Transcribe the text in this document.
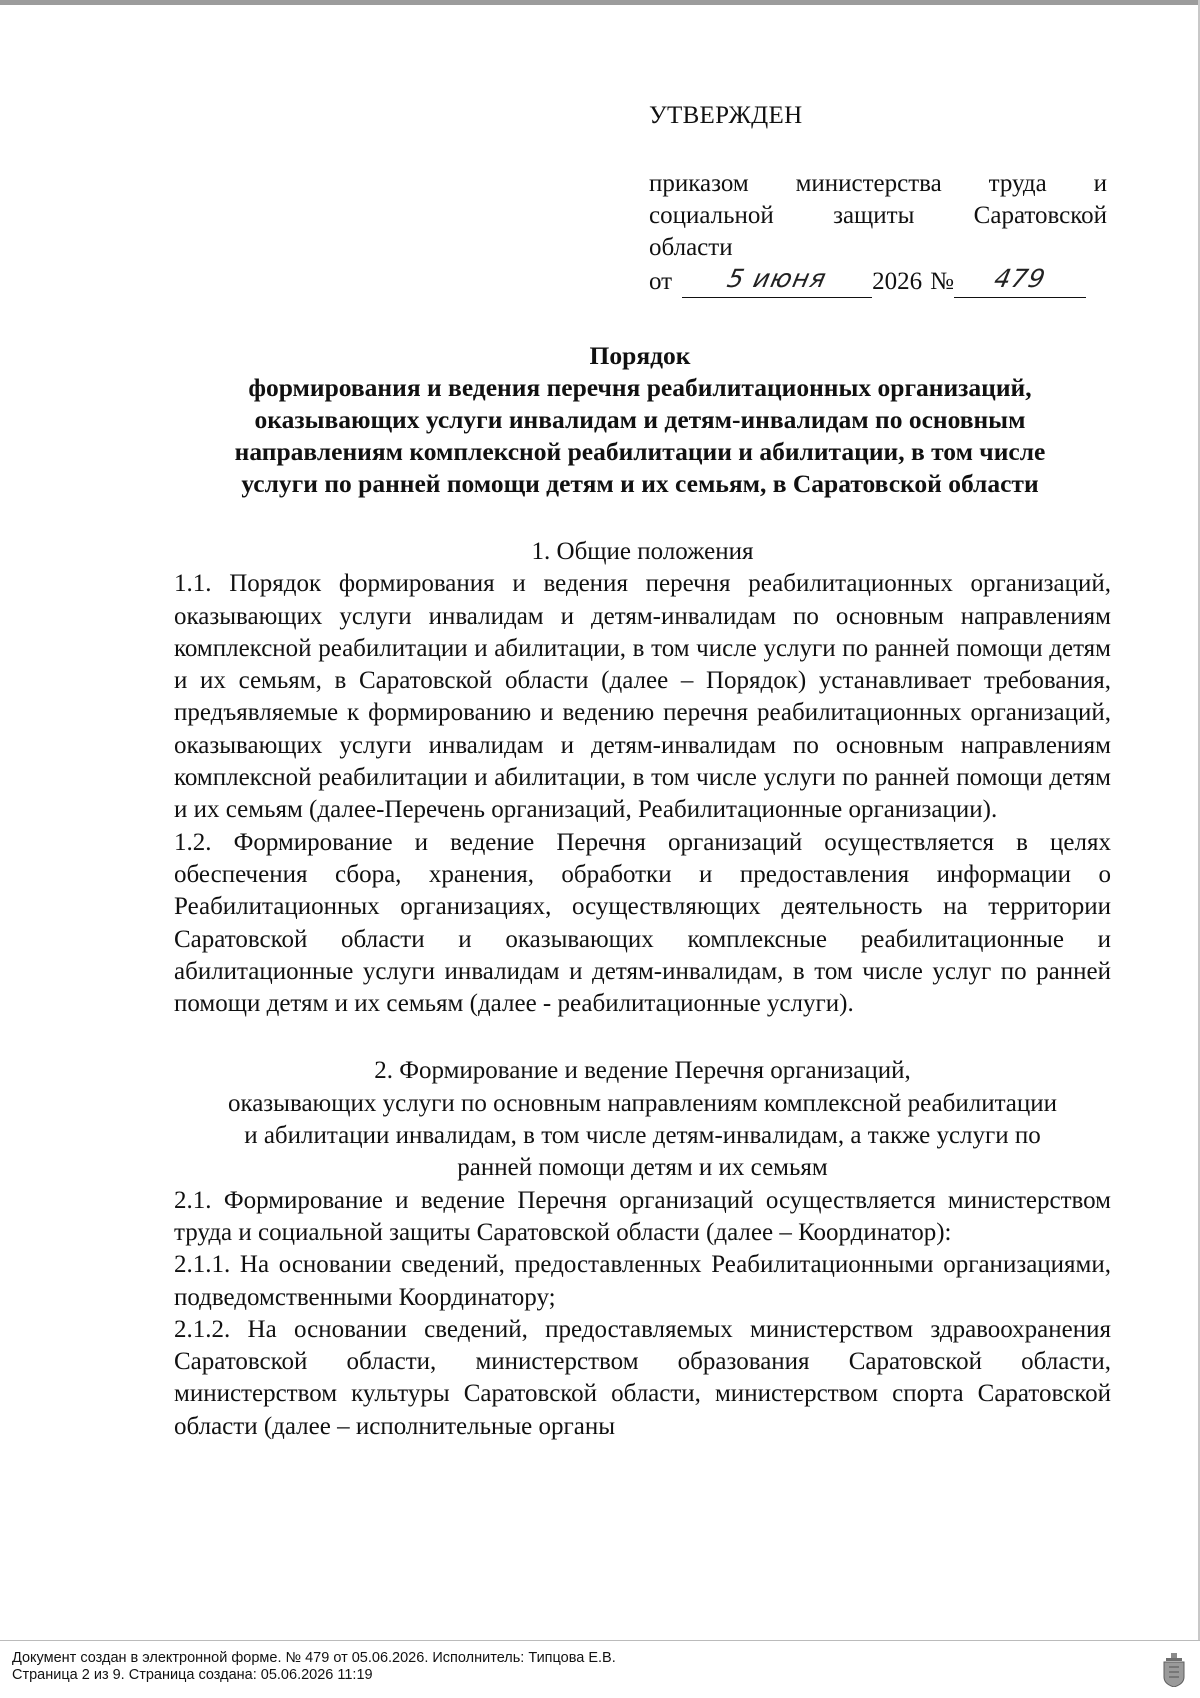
УТВЕРЖДЕН
приказом министерства труда и
социальной защиты Саратовской
области
от	5 июня	2026 №	479
Порядок
формирования и ведения перечня реабилитационных организаций,
оказывающих услуги инвалидам и детям-инвалидам по основным
направлениям комплексной реабилитации и абилитации, в том числе
услуги по ранней помощи детям и их семьям, в Саратовской области
1. Общие положения
1.1. Порядок формирования и ведения перечня реабилитационных организаций, оказывающих услуги инвалидам и детям-инвалидам по основным направлениям комплексной реабилитации и абилитации, в том числе услуги по ранней помощи детям и их семьям, в Саратовской области (далее – Порядок) устанавливает требования, предъявляемые к формированию и ведению перечня реабилитационных организаций, оказывающих услуги инвалидам и детям-инвалидам по основным направлениям комплексной реабилитации и абилитации, в том числе услуги по ранней помощи детям и их семьям (далее-Перечень организаций, Реабилитационные организации).
1.2. Формирование и ведение Перечня организаций осуществляется в целях обеспечения сбора, хранения, обработки и предоставления информации о Реабилитационных организациях, осуществляющих деятельность на территории Саратовской области и оказывающих комплексные реабилитационные и абилитационные услуги инвалидам и детям-инвалидам, в том числе услуг по ранней помощи детям и их семьям (далее - реабилитационные услуги).
2. Формирование и ведение Перечня организаций,
оказывающих услуги по основным направлениям комплексной реабилитации
и абилитации инвалидам, в том числе детям-инвалидам, а также услуги по
ранней помощи детям и их семьям
2.1. Формирование и ведение Перечня организаций осуществляется министерством труда и социальной защиты Саратовской области (далее – Координатор):
2.1.1. На основании сведений, предоставленных Реабилитационными организациями, подведомственными Координатору;
2.1.2. На основании сведений, предоставляемых министерством здравоохранения Саратовской области, министерством образования Саратовской области, министерством культуры Саратовской области, министерством спорта Саратовской области (далее – исполнительные органы
Документ создан в электронной форме. № 479 от 05.06.2026. Исполнитель: Типцова Е.В.
Страница 2 из 9. Страница создана: 05.06.2026 11:19
